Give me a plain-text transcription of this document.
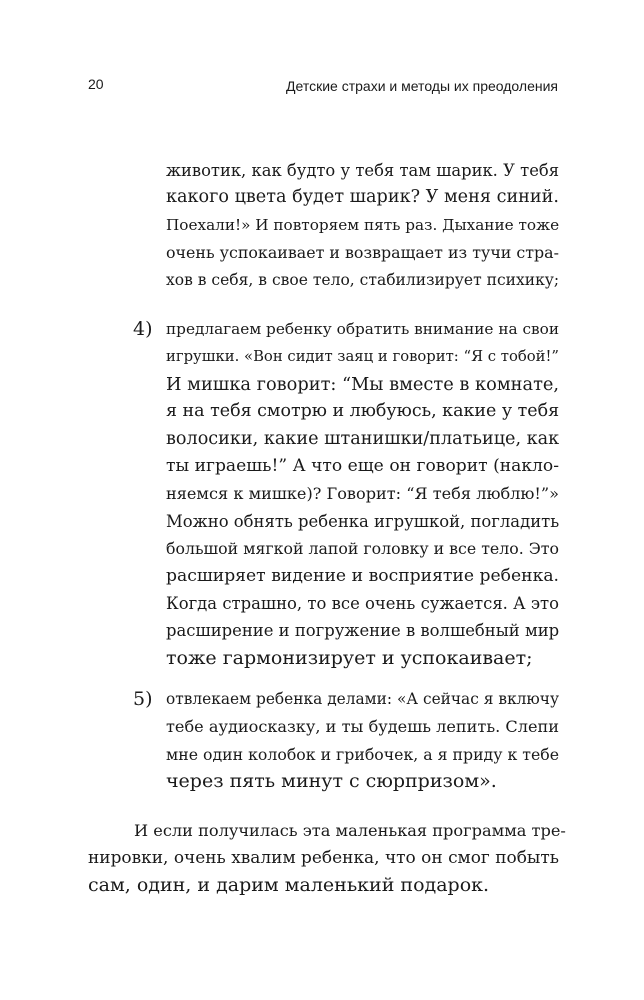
20	Детские страхи и методы их преодоления
животик, как будто у тебя там шарик. У тебя
какого цвета будет шарик? У меня синий.
Поехали!» И повторяем пять раз. Дыхание тоже
очень успокаивает и возвращает из тучи стра-
хов в себя, в свое тело, стабилизирует психику;
4) предлагаем ребенку обратить внимание на свои
игрушки. «Вон сидит заяц и говорит: “Я с тобой!”
И мишка говорит: “Мы вместе в комнате,
я на тебя смотрю и любуюсь, какие у тебя
волосики, какие штанишки/платьице, как
ты играешь!” А что еще он говорит (накло-
няемся к мишке)? Говорит: “Я тебя люблю!”»
Можно обнять ребенка игрушкой, погладить
большой мягкой лапой головку и все тело. Это
расширяет видение и восприятие ребенка.
Когда страшно, то все очень сужается. А это
расширение и погружение в волшебный мир
тоже гармонизирует и успокаивает;
5) отвлекаем ребенка делами: «А сейчас я включу
тебе аудиосказку, и ты будешь лепить. Слепи
мне один колобок и грибочек, а я приду к тебе
через пять минут с сюрпризом».
И если получилась эта маленькая программа тре-
нировки, очень хвалим ребенка, что он смог побыть
сам, один, и дарим маленький подарок.
